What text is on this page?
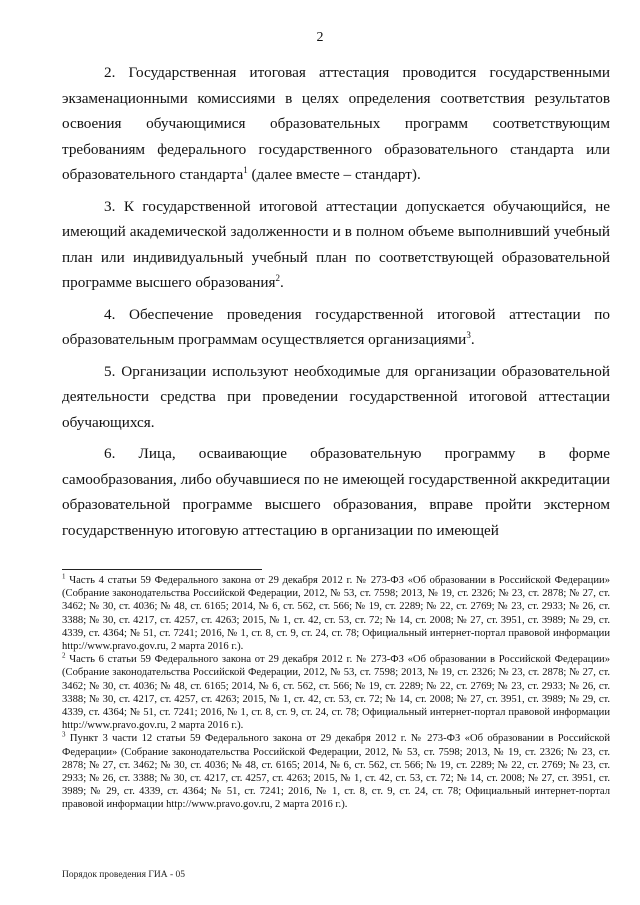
2

2. Государственная итоговая аттестация проводится государственными экзаменационными комиссиями в целях определения соответствия результатов освоения обучающимися образовательных программ соответствующим требованиям федерального государственного образовательного стандарта или образовательного стандарта$^1$ (далее вместе – стандарт).

3. К государственной итоговой аттестации допускается обучающийся, не имеющий академической задолженности и в полном объеме выполнивший учебный план или индивидуальный учебный план по соответствующей образовательной программе высшего образования$^2$.

4. Обеспечение проведения государственной итоговой аттестации по образовательным программам осуществляется организациями$^3$.

5. Организации используют необходимые для организации образовательной деятельности средства при проведении государственной итоговой аттестации обучающихся.

6. Лица, осваивающие образовательную программу в форме самообразования, либо обучавшиеся по не имеющей государственной аккредитации образовательной программе высшего образования, вправе пройти экстерном государственную итоговую аттестацию в организации по имеющей

$^1$ Часть 4 статьи 59 Федерального закона от 29 декабря 2012 г. № 273-ФЗ «Об образовании в Российской Федерации» (Собрание законодательства Российской Федерации, 2012, № 53, ст. 7598; 2013, № 19, ст. 2326; № 23, ст. 2878; № 27, ст. 3462; № 30, ст. 4036; № 48, ст. 6165; 2014, № 6, ст. 562, ст. 566; № 19, ст. 2289; № 22, ст. 2769; № 23, ст. 2933; № 26, ст. 3388; № 30, ст. 4217, ст. 4257, ст. 4263; 2015, № 1, ст. 42, ст. 53, ст. 72; № 14, ст. 2008; № 27, ст. 3951, ст. 3989; № 29, ст. 4339, ст. 4364; № 51, ст. 7241; 2016, № 1, ст. 8, ст. 9, ст. 24, ст. 78; Официальный интернет-портал правовой информации http://www.pravo.gov.ru, 2 марта 2016 г.).

$^2$ Часть 6 статьи 59 Федерального закона от 29 декабря 2012 г. № 273-ФЗ «Об образовании в Российской Федерации» (Собрание законодательства Российской Федерации, 2012, № 53, ст. 7598; 2013, № 19, ст. 2326; № 23, ст. 2878; № 27, ст. 3462; № 30, ст. 4036; № 48, ст. 6165; 2014, № 6, ст. 562, ст. 566; № 19, ст. 2289; № 22, ст. 2769; № 23, ст. 2933; № 26, ст. 3388; № 30, ст. 4217, ст. 4257, ст. 4263; 2015, № 1, ст. 42, ст. 53, ст. 72; № 14, ст. 2008; № 27, ст. 3951, ст. 3989; № 29, ст. 4339, ст. 4364; № 51, ст. 7241; 2016, № 1, ст. 8, ст. 9, ст. 24, ст. 78; Официальный интернет-портал правовой информации http://www.pravo.gov.ru, 2 марта 2016 г.).

$^3$ Пункт 3 части 12 статьи 59 Федерального закона от 29 декабря 2012 г. № 273-ФЗ «Об образовании в Российской Федерации» (Собрание законодательства Российской Федерации, 2012, № 53, ст. 7598; 2013, № 19, ст. 2326; № 23, ст. 2878; № 27, ст. 3462; № 30, ст. 4036; № 48, ст. 6165; 2014, № 6, ст. 562, ст. 566; № 19, ст. 2289; № 22, ст. 2769; № 23, ст. 2933; № 26, ст. 3388; № 30, ст. 4217, ст. 4257, ст. 4263; 2015, № 1, ст. 42, ст. 53, ст. 72; № 14, ст. 2008; № 27, ст. 3951, ст. 3989; № 29, ст. 4339, ст. 4364; № 51, ст. 7241; 2016, № 1, ст. 8, ст. 9, ст. 24, ст. 78; Официальный интернет-портал правовой информации http://www.pravo.gov.ru, 2 марта 2016 г.).

Порядок проведения ГИА - 05
